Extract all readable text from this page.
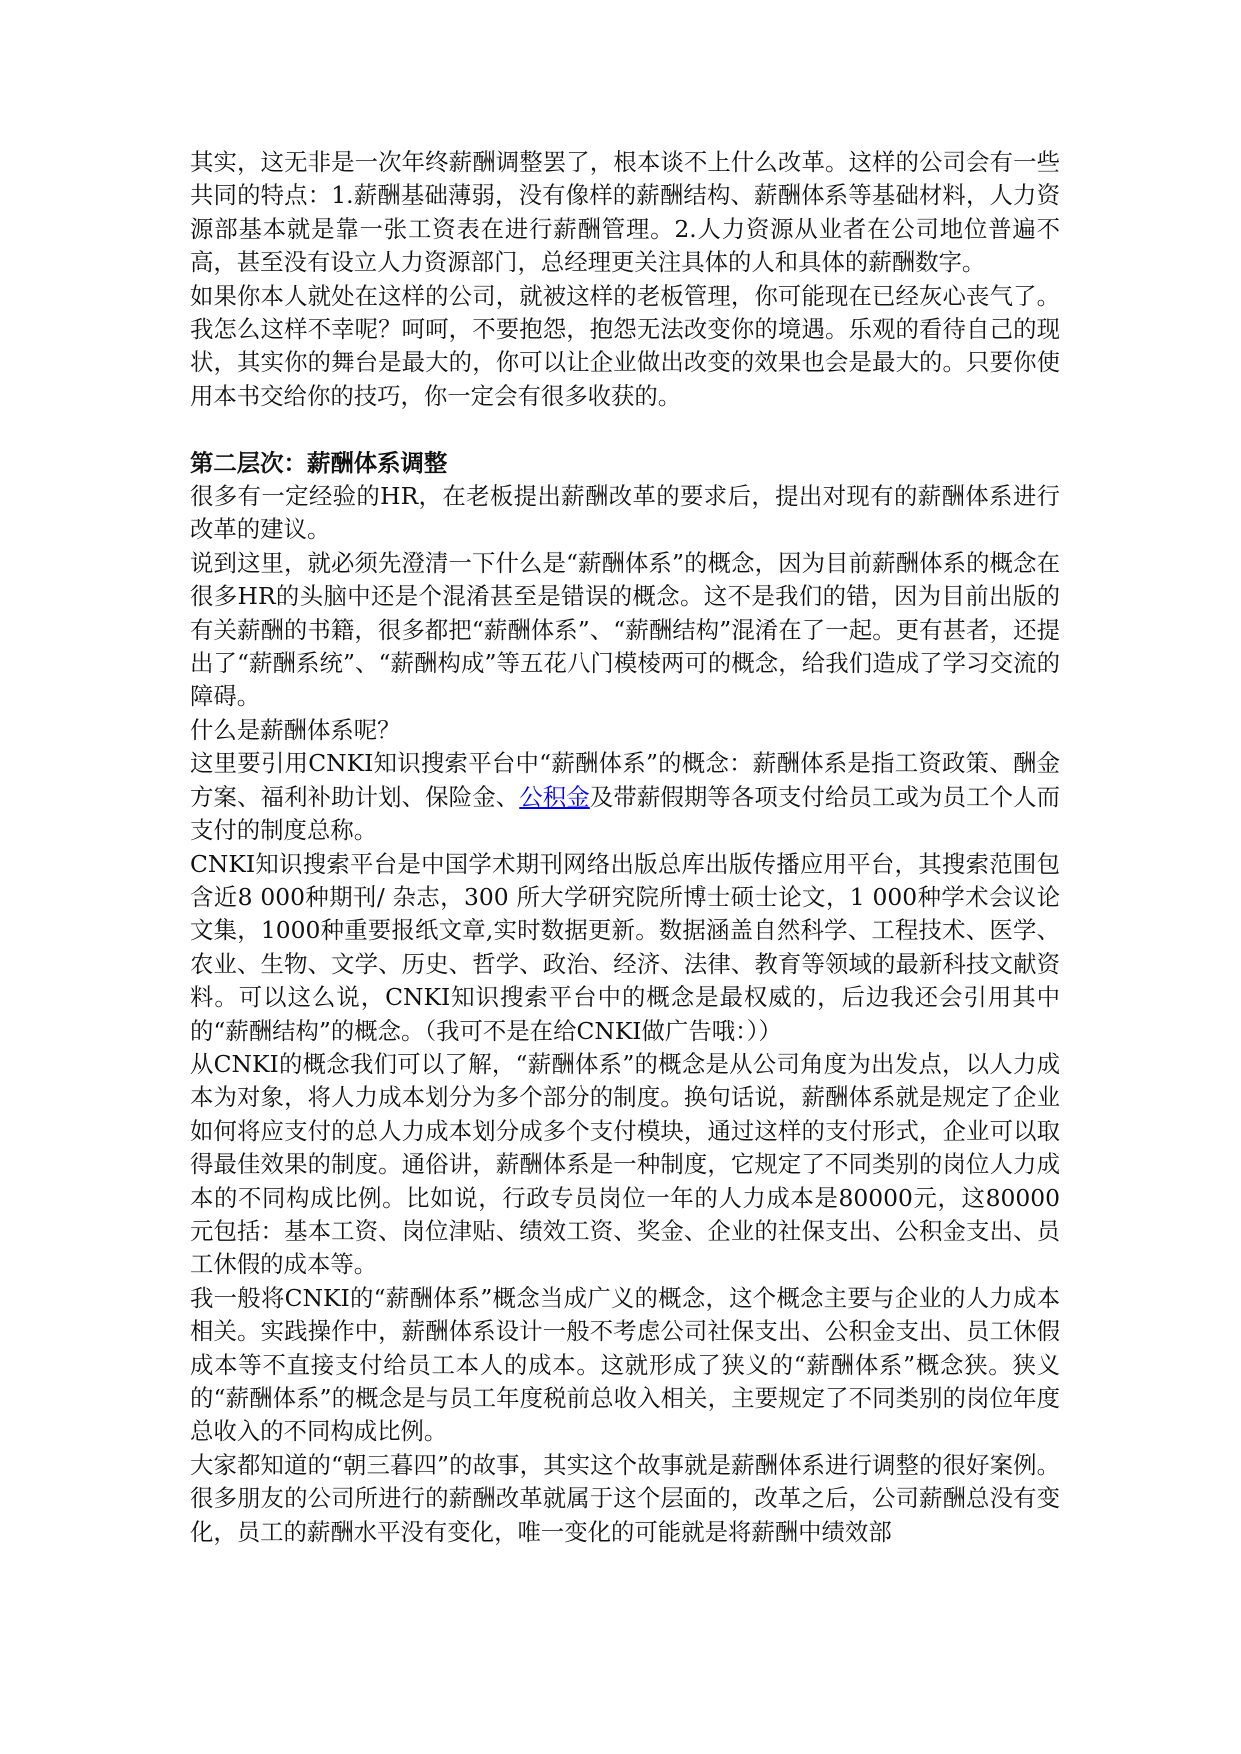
其实，这无非是一次年终薪酬调整罢了，根本谈不上什么改革。这样的公司会有一些共同的特点：1.薪酬基础薄弱，没有像样的薪酬结构、薪酬体系等基础材料，人力资源部基本就是靠一张工资表在进行薪酬管理。2.人力资源从业者在公司地位普遍不高，甚至没有设立人力资源部门，总经理更关注具体的人和具体的薪酬数字。

如果你本人就处在这样的公司，就被这样的老板管理，你可能现在已经灰心丧气了。我怎么这样不幸呢？呵呵，不要抱怨，抱怨无法改变你的境遇。乐观的看待自己的现状，其实你的舞台是最大的，你可以让企业做出改变的效果也会是最大的。只要你使用本书交给你的技巧，你一定会有很多收获的。

第二层次：薪酬体系调整

很多有一定经验的HR，在老板提出薪酬改革的要求后，提出对现有的薪酬体系进行改革的建议。

说到这里，就必须先澄清一下什么是“薪酬体系”的概念，因为目前薪酬体系的概念在很多HR的头脑中还是个混淆甚至是错误的概念。这不是我们的错，因为目前出版的有关薪酬的书籍，很多都把“薪酬体系”、“薪酬结构”混淆在了一起。更有甚者，还提出了“薪酬系统”、“薪酬构成”等五花八门模棱两可的概念，给我们造成了学习交流的障碍。

什么是薪酬体系呢？

这里要引用CNKI知识搜索平台中“薪酬体系”的概念：薪酬体系是指工资政策、酬金方案、福利补助计划、保险金、公积金及带薪假期等各项支付给员工或为员工个人而支付的制度总称。

CNKI知识搜索平台是中国学术期刊网络出版总库出版传播应用平台，其搜索范围包含近8 000种期刊/ 杂志，300 所大学研究院所博士硕士论文，1 000种学术会议论文集，1000种重要报纸文章,实时数据更新。数据涵盖自然科学、工程技术、医学、农业、生物、文学、历史、哲学、政治、经济、法律、教育等领域的最新科技文献资料。可以这么说，CNKI知识搜索平台中的概念是最权威的，后边我还会引用其中的“薪酬结构”的概念。（我可不是在给CNKI做广告哦：））

从CNKI的概念我们可以了解，“薪酬体系”的概念是从公司角度为出发点，以人力成本为对象，将人力成本划分为多个部分的制度。换句话说，薪酬体系就是规定了企业如何将应支付的总人力成本划分成多个支付模块，通过这样的支付形式，企业可以取得最佳效果的制度。通俗讲，薪酬体系是一种制度，它规定了不同类别的岗位人力成本的不同构成比例。比如说，行政专员岗位一年的人力成本是80000元，这80000元包括：基本工资、岗位津贴、绩效工资、奖金、企业的社保支出、公积金支出、员工休假的成本等。

我一般将CNKI的“薪酬体系”概念当成广义的概念，这个概念主要与企业的人力成本相关。实践操作中，薪酬体系设计一般不考虑公司社保支出、公积金支出、员工休假成本等不直接支付给员工本人的成本。这就形成了狭义的“薪酬体系”概念狭。狭义的“薪酬体系”的概念是与员工年度税前总收入相关，主要规定了不同类别的岗位年度总收入的不同构成比例。

大家都知道的“朝三暮四”的故事，其实这个故事就是薪酬体系进行调整的很好案例。很多朋友的公司所进行的薪酬改革就属于这个层面的，改革之后，公司薪酬总没有变化，员工的薪酬水平没有变化，唯一变化的可能就是将薪酬中绩效部
